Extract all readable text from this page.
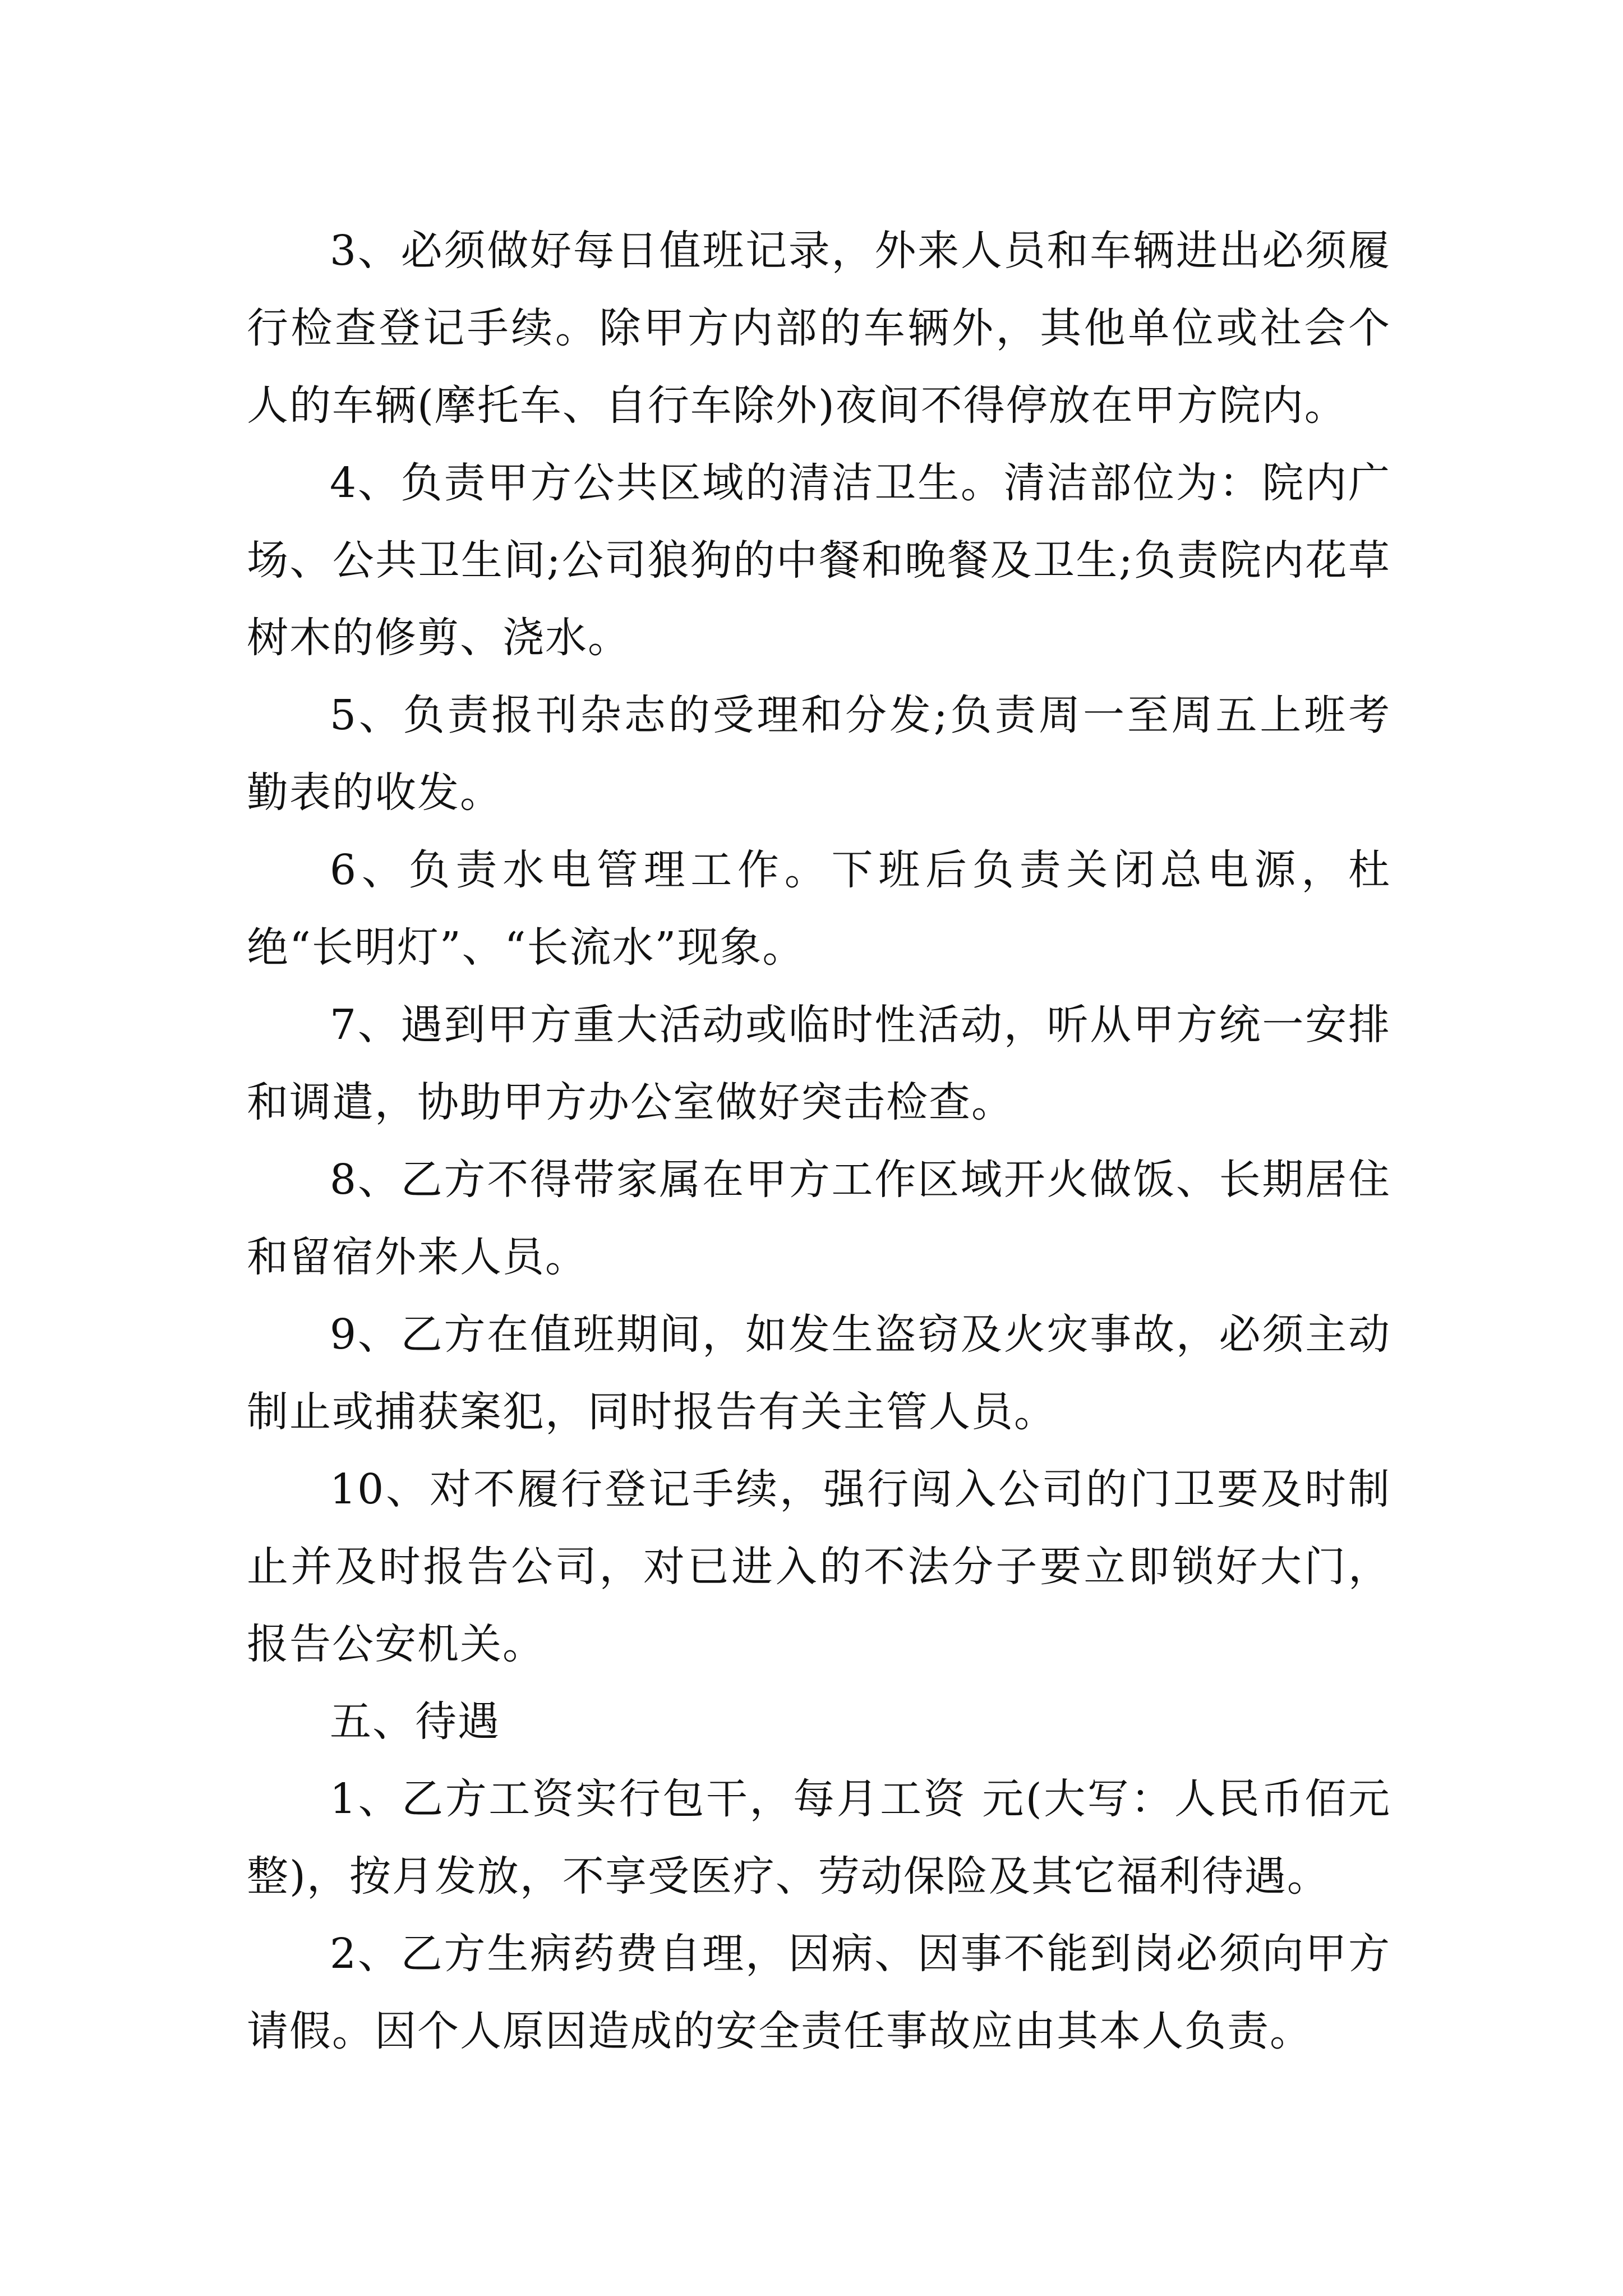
3、必须做好每日值班记录，外来人员和车辆进出必须履行检查登记手续。除甲方内部的车辆外，其他单位或社会个人的车辆(摩托车、自行车除外)夜间不得停放在甲方院内。

4、负责甲方公共区域的清洁卫生。清洁部位为：院内广场、公共卫生间;公司狼狗的中餐和晚餐及卫生;负责院内花草树木的修剪、浇水。

5、负责报刊杂志的受理和分发;负责周一至周五上班考勤表的收发。

6、负责水电管理工作。下班后负责关闭总电源，杜绝“长明灯”、“长流水”现象。

7、遇到甲方重大活动或临时性活动，听从甲方统一安排和调遣，协助甲方办公室做好突击检查。

8、乙方不得带家属在甲方工作区域开火做饭、长期居住和留宿外来人员。

9、乙方在值班期间，如发生盗窃及火灾事故，必须主动制止或捕获案犯，同时报告有关主管人员。

10、对不履行登记手续，强行闯入公司的门卫要及时制止并及时报告公司，对已进入的不法分子要立即锁好大门，报告公安机关。

五、待遇

1、乙方工资实行包干，每月工资 元(大写：人民币佰元整)，按月发放，不享受医疗、劳动保险及其它福利待遇。

2、乙方生病药费自理，因病、因事不能到岗必须向甲方请假。因个人原因造成的安全责任事故应由其本人负责。
